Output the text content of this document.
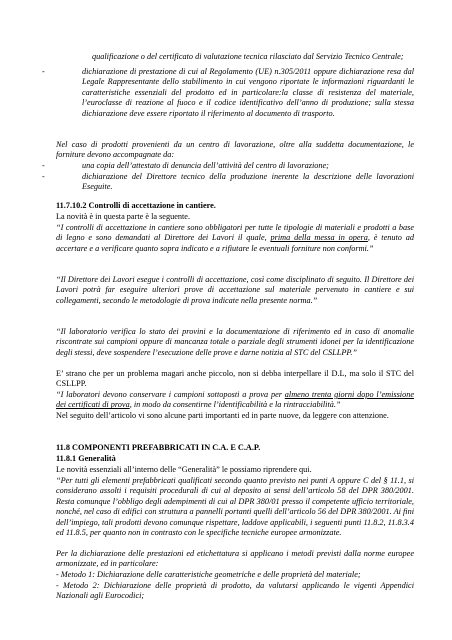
qualificazione o del certificato di valutazione tecnica rilasciato dal Servizio Tecnico Centrale;

-	dichiarazione di prestazione di cui al Regolamento (UE) n.305/2011 oppure dichiarazione resa dal Legale Rappresentante dello stabilimento in cui vengono riportate le informazioni riguardanti le caratteristiche essenziali del prodotto ed in particolare:la classe di resistenza del materiale, l’euroclasse di reazione al fuoco e il codice identificativo dell’anno di produzione; sulla stessa dichiarazione deve essere riportato il riferimento al documento di trasporto.

Nel caso di prodotti provenienti da un centro di lavorazione, oltre alla suddetta documentazione, le forniture devono accompagnate da:

-	una copia dell’attestato di denuncia dell’attività del centro di lavorazione;
-	dichiarazione del Direttore tecnico della produzione inerente la descrizione delle lavorazioni Eseguite.

11.7.10.2 Controlli di accettazione in cantiere.

La novità è in questa parte è la seguente.

“I controlli di accettazione in cantiere sono obbligatori per tutte le tipologie di materiali e prodotti a base di legno e sono demandati al Direttore dei Lavori il quale, prima della messa in opera, è tenuto ad accertare e a verificare quanto sopra indicato e a rifiutare le eventuali forniture non conformi.”

“Il Direttore dei Lavori esegue i controlli di accettazione, così come disciplinato di seguito. Il Direttore dei Lavori potrà far eseguire ulteriori prove di accettazione sul materiale pervenuto in cantiere e sui collegamenti, secondo le metodologie di prova indicate nella presente norma.”

“Il laboratorio verifica lo stato dei provini e la documentazione di riferimento ed in caso di anomalie riscontrate sui campioni oppure di mancanza totale o parziale degli strumenti idonei per la identificazione degli stessi, deve sospendere l’esecuzione delle prove e darne notizia al STC del CSLLPP.”

E’ strano che per un problema magari anche piccolo, non si debba interpellare il D.L, ma solo il STC del CSLLPP.

“I laboratori devono conservare i campioni sottoposti a prova per almeno trenta giorni dopo l’emissione dei certificati di prova, in modo da consentirne l’identificabilità e la rintracciabilità.”

Nel seguito dell’articolo vi sono alcune parti importanti ed in parte nuove, da leggere con attenzione.

11.8 COMPONENTI PREFABBRICATI IN C.A. E C.A.P.

11.8.1 Generalità

Le novità essenziali all’interno delle “Generalità” le possiamo riprendere qui.

“Per tutti gli elementi prefabbricati qualificati secondo quanto previsto nei punti A oppure C del § 11.1, si considerano assolti i requisiti procedurali di cui al deposito ai sensi dell’articolo 58 del DPR 380/2001. Resta comunque l’obbligo degli adempimenti di cui al DPR 380/01 presso il competente ufficio territoriale, nonché, nel caso di edifici con struttura a pannelli portanti quelli dell’articolo 56 del DPR 380/2001. Ai fini dell’impiego, tali prodotti devono comunque rispettare, laddove applicabili, i seguenti punti 11.8.2, 11.8.3.4 ed 11.8.5, per quanto non in contrasto con le specifiche tecniche europee armonizzate.

Per la dichiarazione delle prestazioni ed etichettatura si applicano i metodi previsti dalla norme europee armonizzate, ed in particolare:

- Metodo 1: Dichiarazione delle caratteristiche geometriche e delle proprietà del materiale;

- Metodo 2: Dichiarazione delle proprietà di prodotto, da valutarsi applicando le vigenti Appendici Nazionali agli Eurocodici;
